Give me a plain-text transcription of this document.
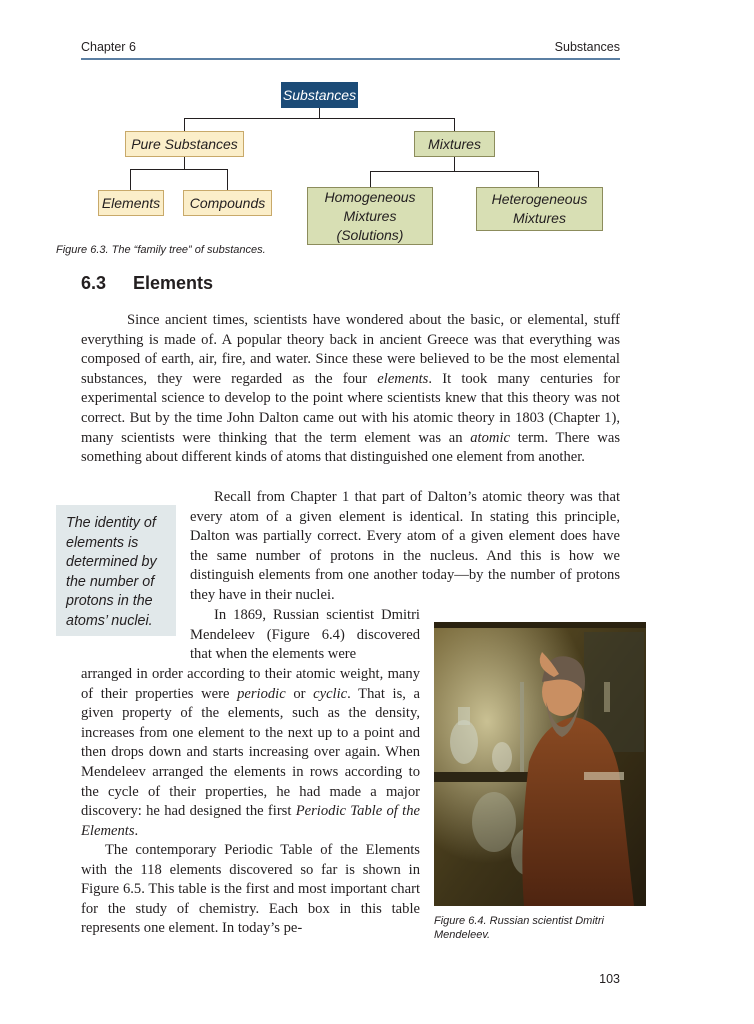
Chapter 6	Substances
Substances
Pure Substances	Mixtures
Elements	Compounds	Homogeneous
Mixtures
(Solutions)
Heterogeneous
Mixtures
Figure 6.3. The “family tree” of substances.
6.3 Elements
Since ancient times, scientists have wondered about the basic, or elemental, stuff everything is made of. A popular theory back in ancient Greece was that everything was composed of earth, air, fire, and water. Since these were believed to be the most elemental substances, they were regarded as the four elements. It took many centuries for experimental science to develop to the point where scientists knew that this theory was not correct. But by the time John Dalton came out with his atomic theory in 1803 (Chapter 1), many scientists were thinking that the term element was an atomic term. There was something about different kinds of atoms that distinguished one element from another.
Recall from Chapter 1 that part of Dalton’s atomic theory was that every atom of a given element is identical. In stating this principle, Dalton was partially correct. Every atom of a given element does have the same number of protons in the nucleus. And this is how we distinguish elements from one another today—by the number of protons they have in their nuclei.
The identity of elements is determined by the number of protons in the atoms’ nuclei.	In 1869, Russian scientist Dmitri Mendeleev (Figure 6.4) discovered that when the elements were
arranged in order according to their atomic weight, many of their properties were periodic or cyclic. That is, a given property of the elements, such as the density, increases from one element to the next up to a point and then drops down and starts increasing over again. When Mendeleev arranged the elements in rows according to the cycle of their properties, he had made a major discovery: he had designed the first Periodic Table of the Elements.
The contemporary Periodic Table of the Elements with the 118 elements discovered so far is shown in Figure 6.5. This table is the first and most important chart for the study of chemistry. Each box in this table represents one element. In today’s pe-	Figure 6.4. Russian scientist Dmitri Mendeleev.
103
